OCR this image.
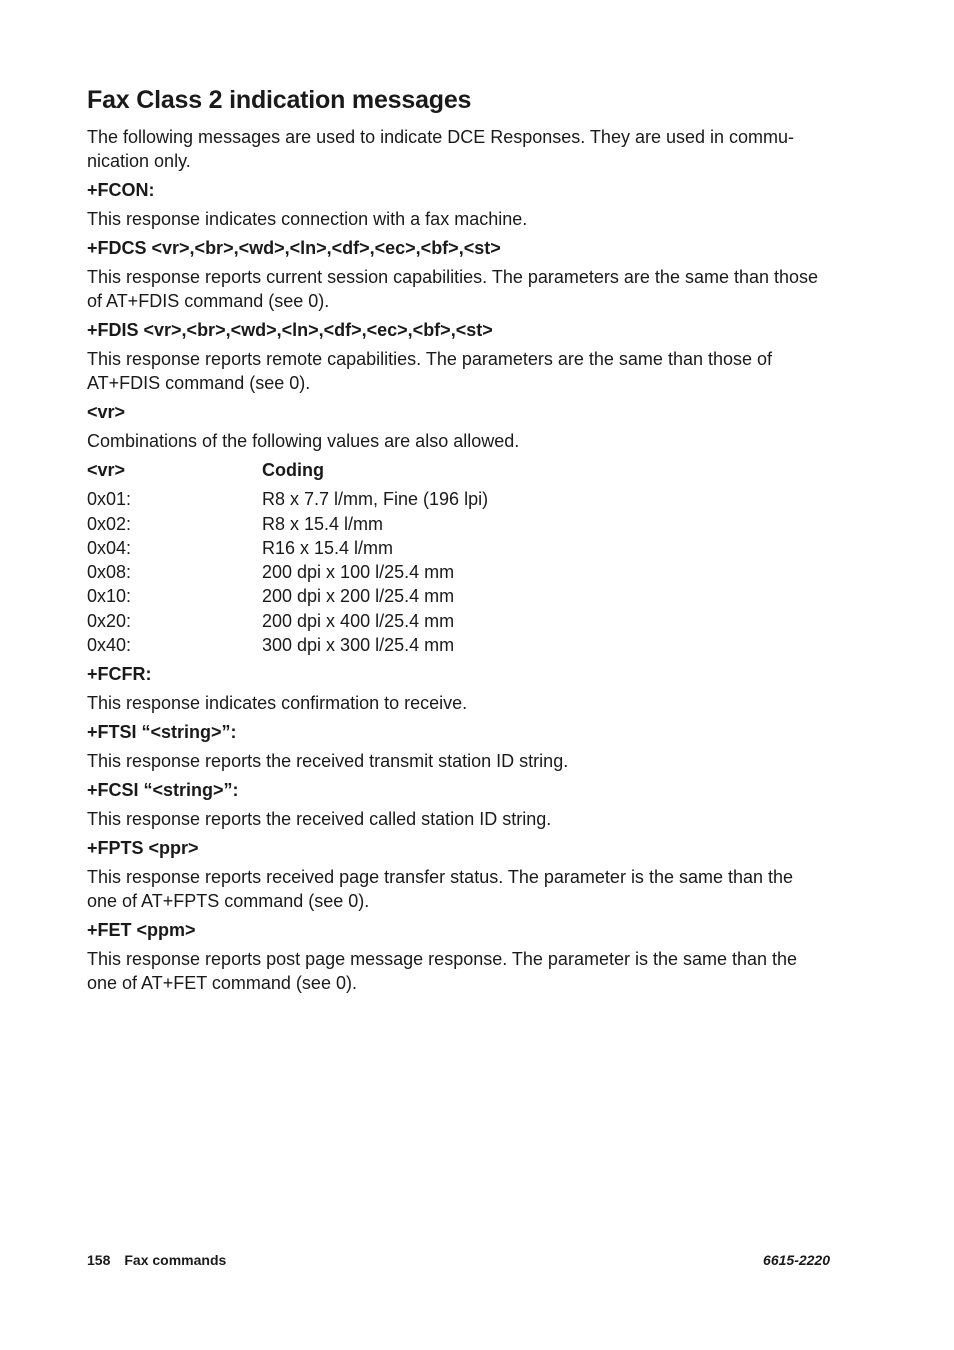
Fax Class 2 indication messages

The following messages are used to indicate DCE Responses. They are used in commu-nication only.

+FCON:

This response indicates connection with a fax machine.

+FDCS <vr>,<br>,<wd>,<ln>,<df>,<ec>,<bf>,<st>

This response reports current session capabilities. The parameters are the same than those of AT+FDIS command (see 0).

+FDIS <vr>,<br>,<wd>,<ln>,<df>,<ec>,<bf>,<st>

This response reports remote capabilities. The parameters are the same than those of AT+FDIS command (see 0).

<vr>

Combinations of the following values are also allowed.

<vr>	Coding
0x01:	R8 x 7.7 l/mm, Fine (196 lpi)
0x02:	R8 x 15.4 l/mm
0x04:	R16 x 15.4 l/mm
0x08:	200 dpi x 100 l/25.4 mm
0x10:	200 dpi x 200 l/25.4 mm
0x20:	200 dpi x 400 l/25.4 mm
0x40:	300 dpi x 300 l/25.4 mm
+FCFR:

This response indicates confirmation to receive.

+FTSI “<string>”:

This response reports the received transmit station ID string.

+FCSI “<string>”:

This response reports the received called station ID string.

+FPTS <ppr>

This response reports received page transfer status. The parameter is the same than the one of AT+FPTS command (see 0).

+FET <ppm>

This response reports post page message response. The parameter is the same than the one of AT+FET command (see 0).

158 Fax commands	6615-2220
